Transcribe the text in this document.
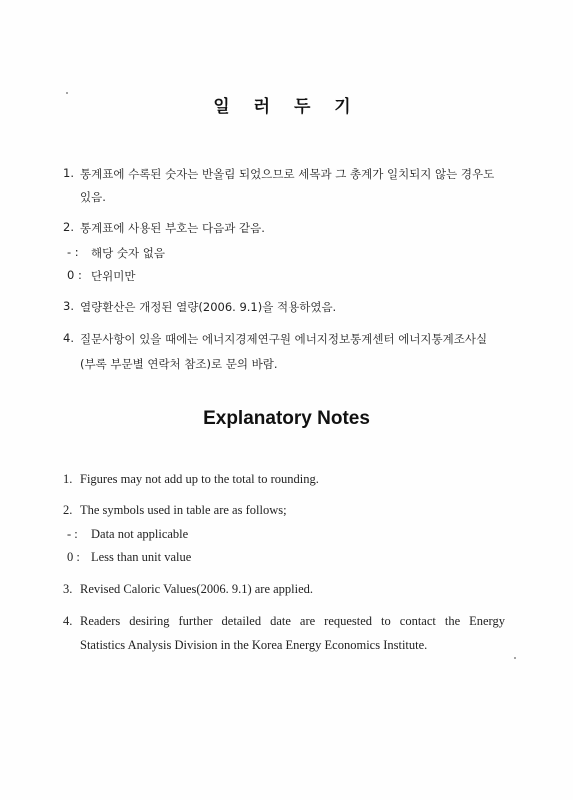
일 러 두 기
1. 통계표에 수록된 숫자는 반올림 되었으므로 세목과 그 총계가 일치되지 않는 경우도
있음.
2. 통계표에 사용된 부호는 다음과 같음.
- : 해당 숫자 없음
0 : 단위미만
3. 열량환산은 개정된 열량(2006. 9.1)을 적용하였음.
4. 질문사항이 있을 때에는 에너지경제연구원 에너지정보통계센터 에너지통계조사실
(부록 부문별 연락처 참조)로 문의 바람.
Explanatory Notes
1. Figures may not add up to the total to rounding.
2. The symbols used in table are as follows;
- : Data not applicable
0 : Less than unit value
3. Revised Caloric Values(2006. 9.1) are applied.
4. Readers desiring further detailed date are requested to contact the Energy
Statistics Analysis Division in the Korea Energy Economics Institute.
